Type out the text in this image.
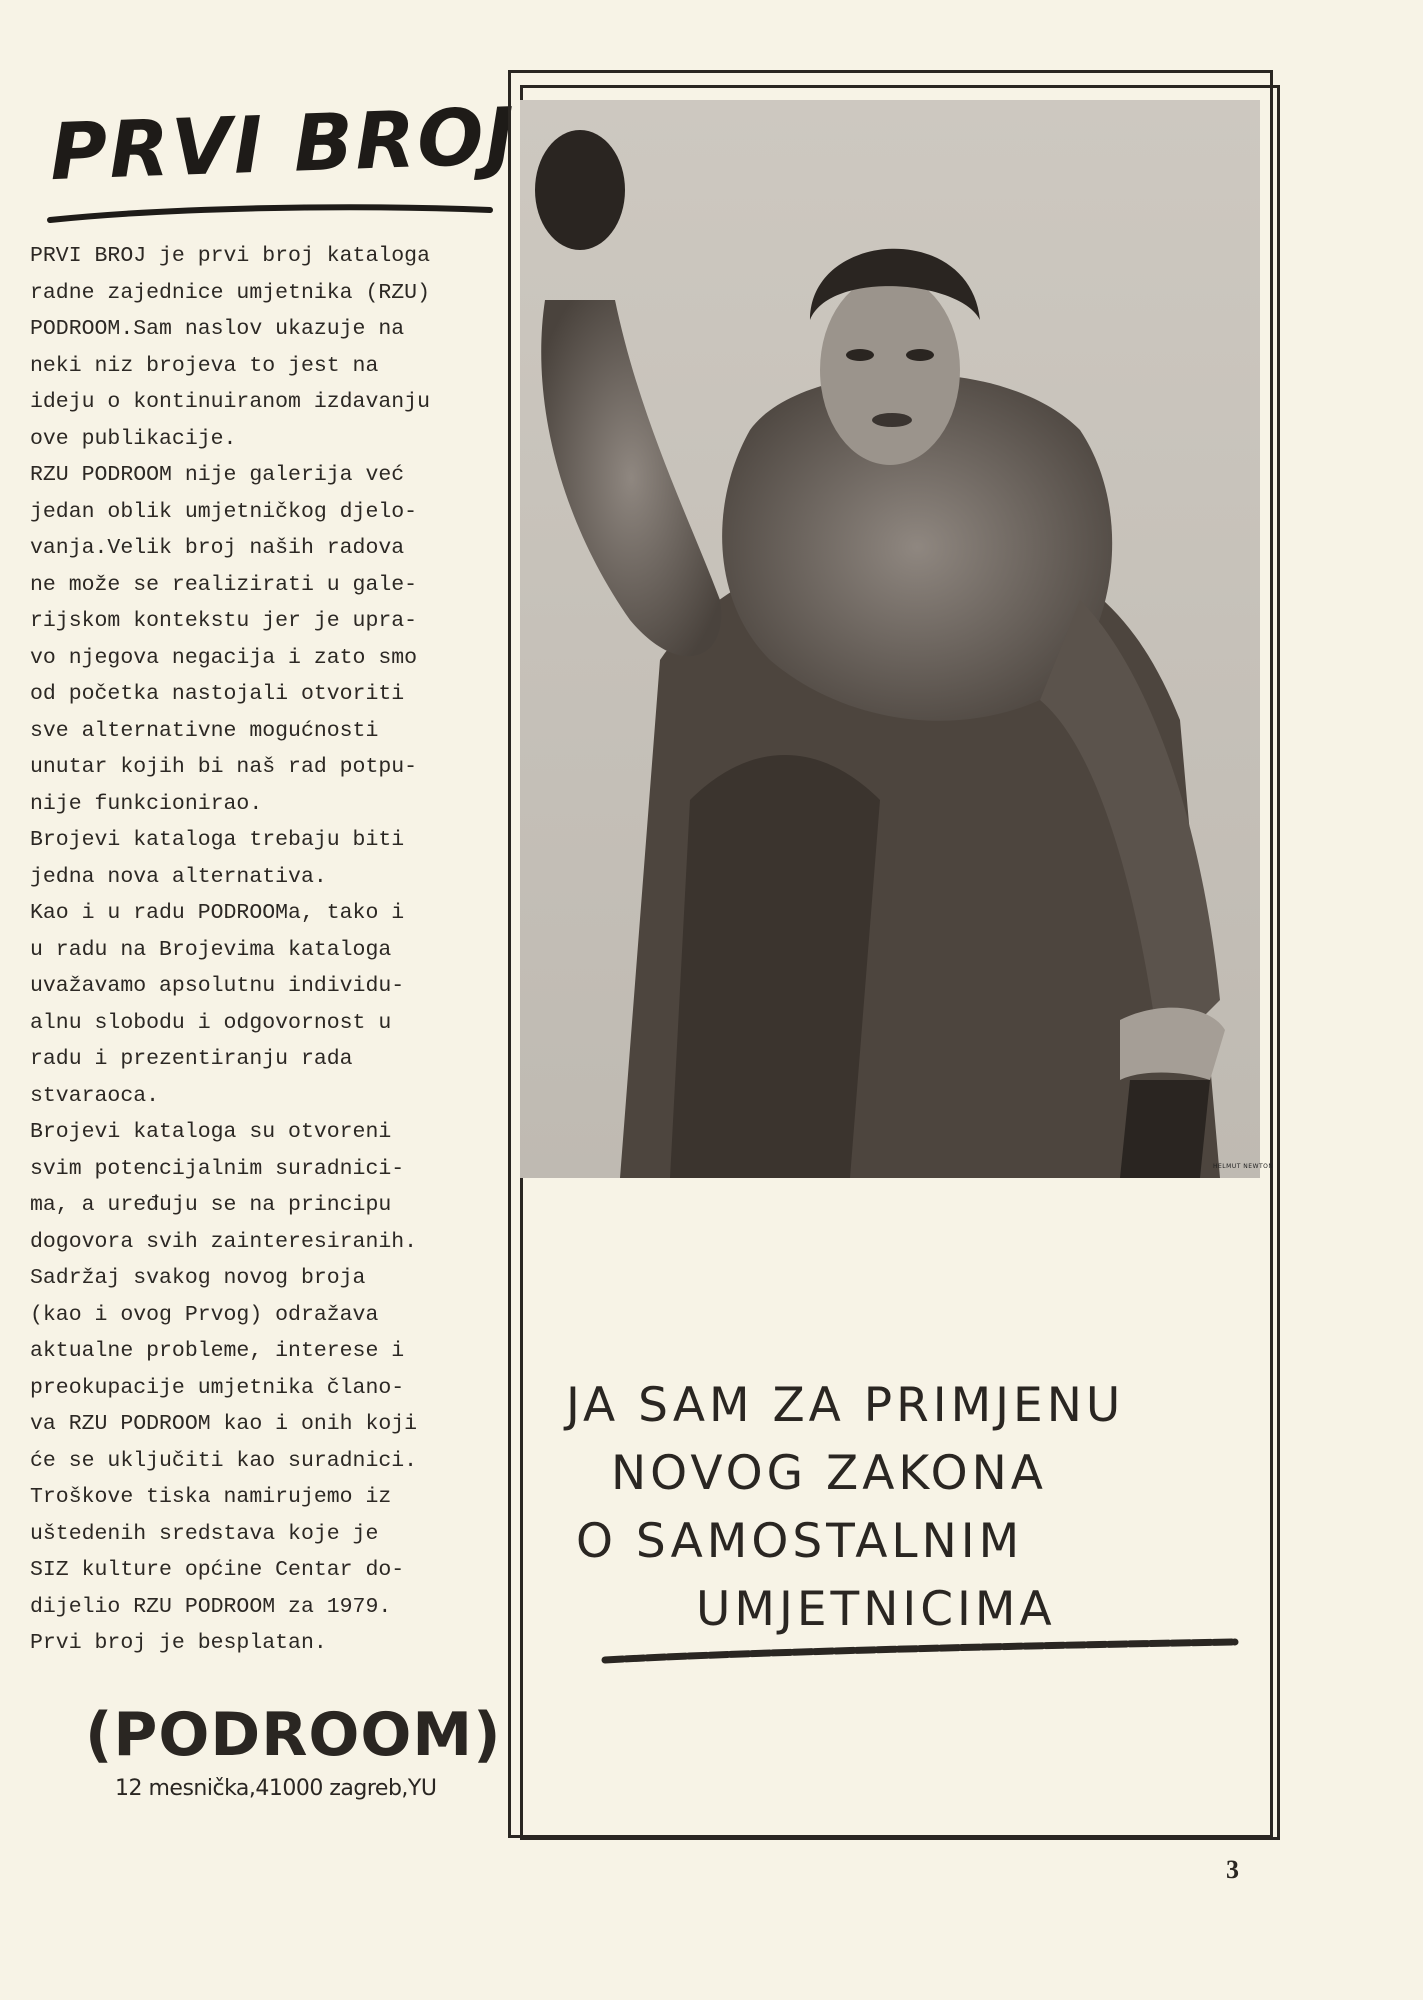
PRVI BROJ
PRVI BROJ je prvi broj kataloga
radne zajednice umjetnika (RZU)
PODROOM.Sam naslov ukazuje na
neki niz brojeva to jest na
ideju o kontinuiranom izdavanju
ove publikacije.
RZU PODROOM nije galerija već
jedan oblik umjetničkog djelo-
vanja.Velik broj naših radova
ne može se realizirati u gale-
rijskom kontekstu jer je upra-
vo njegova negacija i zato smo
od početka nastojali otvoriti
sve alternativne mogućnosti
unutar kojih bi naš rad potpu-
nije funkcionirao.
Brojevi kataloga trebaju biti
jedna nova alternativa.
Kao i u radu PODROOMa, tako i
u radu na Brojevima kataloga
uvažavamo apsolutnu individu-
alnu slobodu i odgovornost u
radu i prezentiranju rada
stvaraoca.
Brojevi kataloga su otvoreni
svim potencijalnim suradnici-
ma, a uređuju se na principu
dogovora svih zainteresiranih.
Sadržaj svakog novog broja
(kao i ovog Prvog) odražava
aktualne probleme, interese i
preokupacije umjetnika člano-
va RZU PODROOM kao i onih koji
će se uključiti kao suradnici.
Troškove tiska namirujemo iz
uštedenih sredstava koje je
SIZ kulture općine Centar do-
dijelio RZU PODROOM za 1979.
Prvi broj je besplatan.
(PODROOM)
12 mesnička,41000 zagreb,YU
HELMUT NEWTON
JA SAM ZA PRIMJENU
NOVOG ZAKONA
O SAMOSTALNIM
UMJETNICIMA
3
